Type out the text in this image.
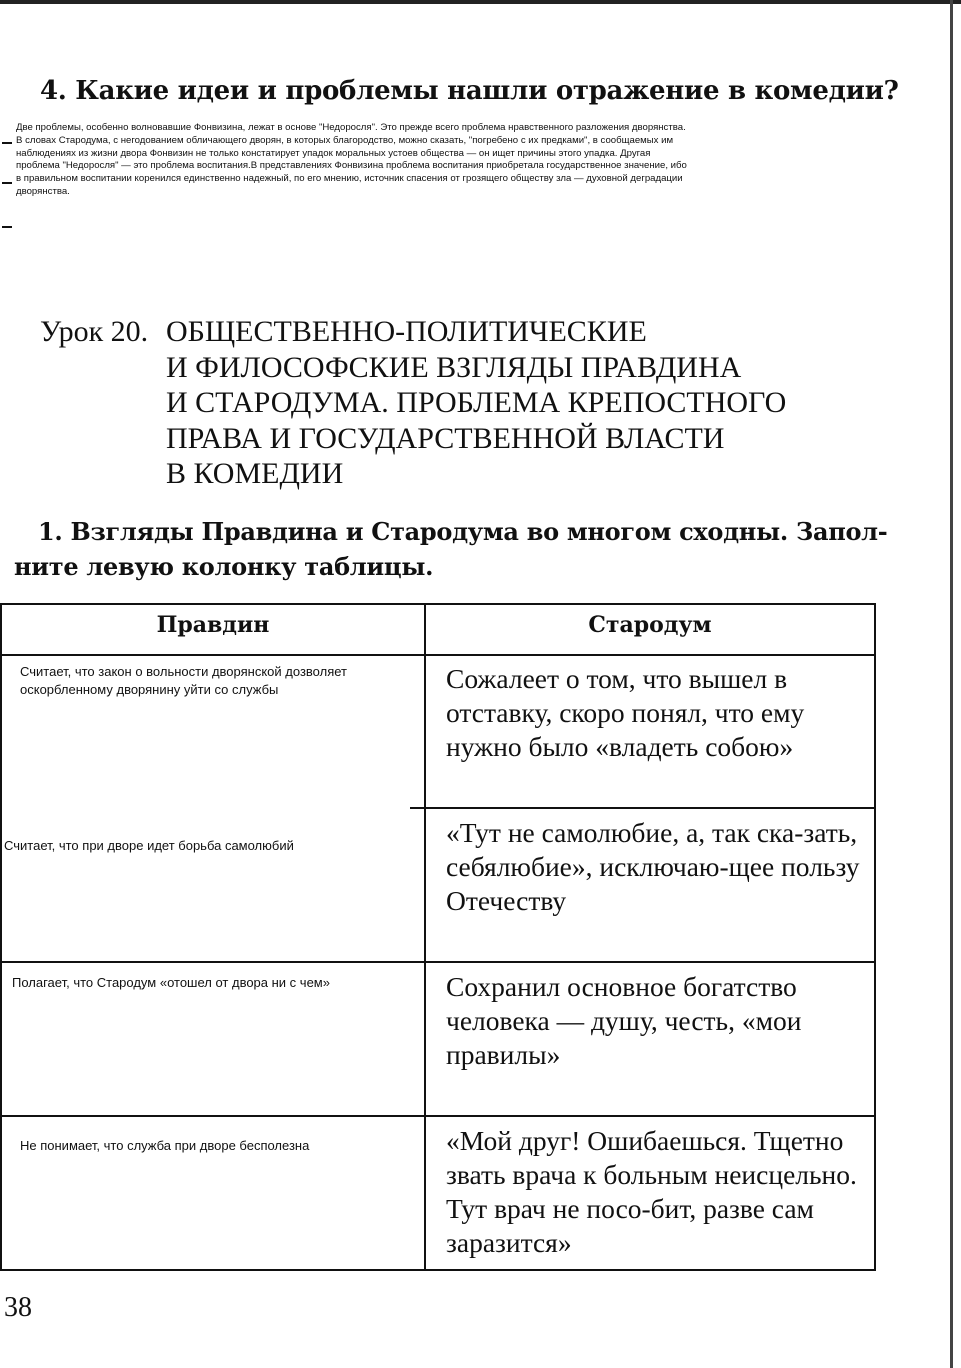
4. Какие идеи и проблемы нашли отражение в комедии?
Две проблемы, особенно волновавшие Фонвизина, лежат в основе "Недоросля". Это прежде всего проблема нравственного разложения дворянства.
В словах Стародума, с негодованием обличающего дворян, в которых благородство, можно сказать, "погребено с их предками", в сообщаемых им
наблюдениях из жизни двора Фонвизин не только констатирует упадок моральных устоев общества — он ищет причины этого упадка. Другая
проблема "Недоросля" — это проблема воспитания.В представлениях Фонвизина проблема воспитания приобретала государственное значение, ибо
в правильном воспитании коренился единственно надежный, по его мнению, источник спасения от грозящего обществу зла — духовной деградации
дворянства.
Урок 20. ОБЩЕСТВЕННО-ПОЛИТИЧЕСКИЕ
И ФИЛОСОФСКИЕ ВЗГЛЯДЫ ПРАВДИНА
И СТАРОДУМА. ПРОБЛЕМА КРЕПОСТНОГО
ПРАВА И ГОСУДАРСТВЕННОЙ ВЛАСТИ
В КОМЕДИИ
1. Взгляды Правдина и Стародума во многом сходны. Запол-
ните левую колонку таблицы.
Правдин	Стародум
Считает, что закон о вольности дворянской дозволяет оскорбленному дворянину уйти со службы	Сожалеет о том, что вышел в отставку, скоро понял, что ему нужно было «владеть собою»
Считает, что при дворе идет борьба самолюбий	«Тут не самолюбие, а, так ска-зать, себялюбие», исключаю-щее пользу Отечеству
Полагает, что Стародум «отошел от двора ни с чем»	Сохранил основное богатство человека — душу, честь, «мои правилы»
Не понимает, что служба при дворе бесполезна	«Мой друг! Ошибаешься. Тщетно звать врача к больным неисцельно. Тут врач не посо-бит, разве сам заразится»
38
